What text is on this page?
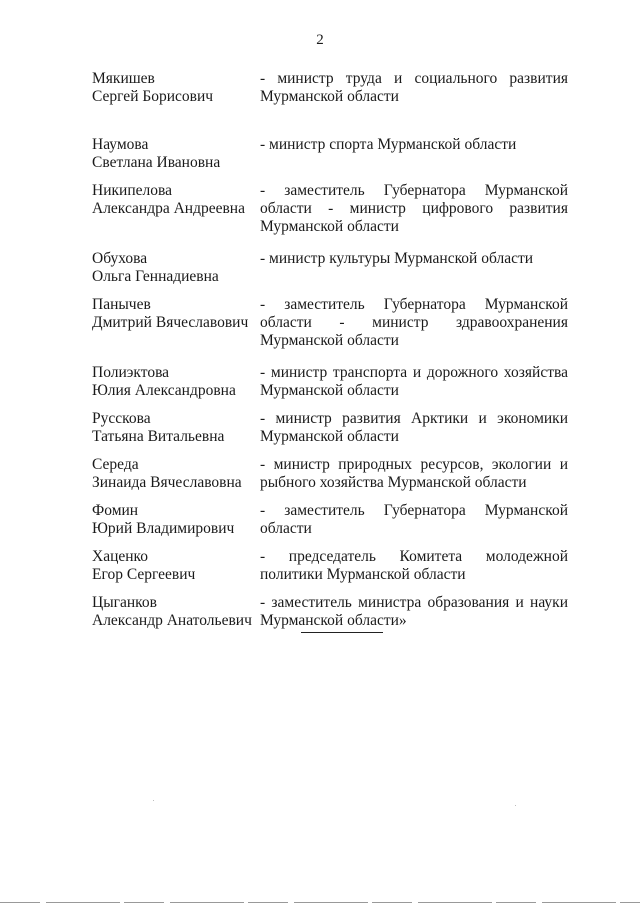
2
Мякишев
Сергей Борисович
- министр труда и социального развития Мурманской области
Наумова
Светлана Ивановна
- министр спорта Мурманской области
Никипелова
Александра Андреевна
- заместитель Губернатора Мурманской области - министр цифрового развития Мурманской области
Обухова
Ольга Геннадиевна
- министр культуры Мурманской области
Панычев
Дмитрий Вячеславович
- заместитель Губернатора Мурманской области - министр здравоохранения Мурманской области
Полиэктова
Юлия Александровна
- министр транспорта и дорожного хозяйства Мурманской области
Русскова
Татьяна Витальевна
- министр развития Арктики и экономики Мурманской области
Середа
Зинаида Вячеславовна
- министр природных ресурсов, экологии и рыбного хозяйства Мурманской области
Фомин
Юрий Владимирович
- заместитель Губернатора Мурманской области
Хаценко
Егор Сергеевич
- председатель Комитета молодежной политики Мурманской области
Цыганков
Александр Анатольевич
- заместитель министра образования и науки Мурманской области»
